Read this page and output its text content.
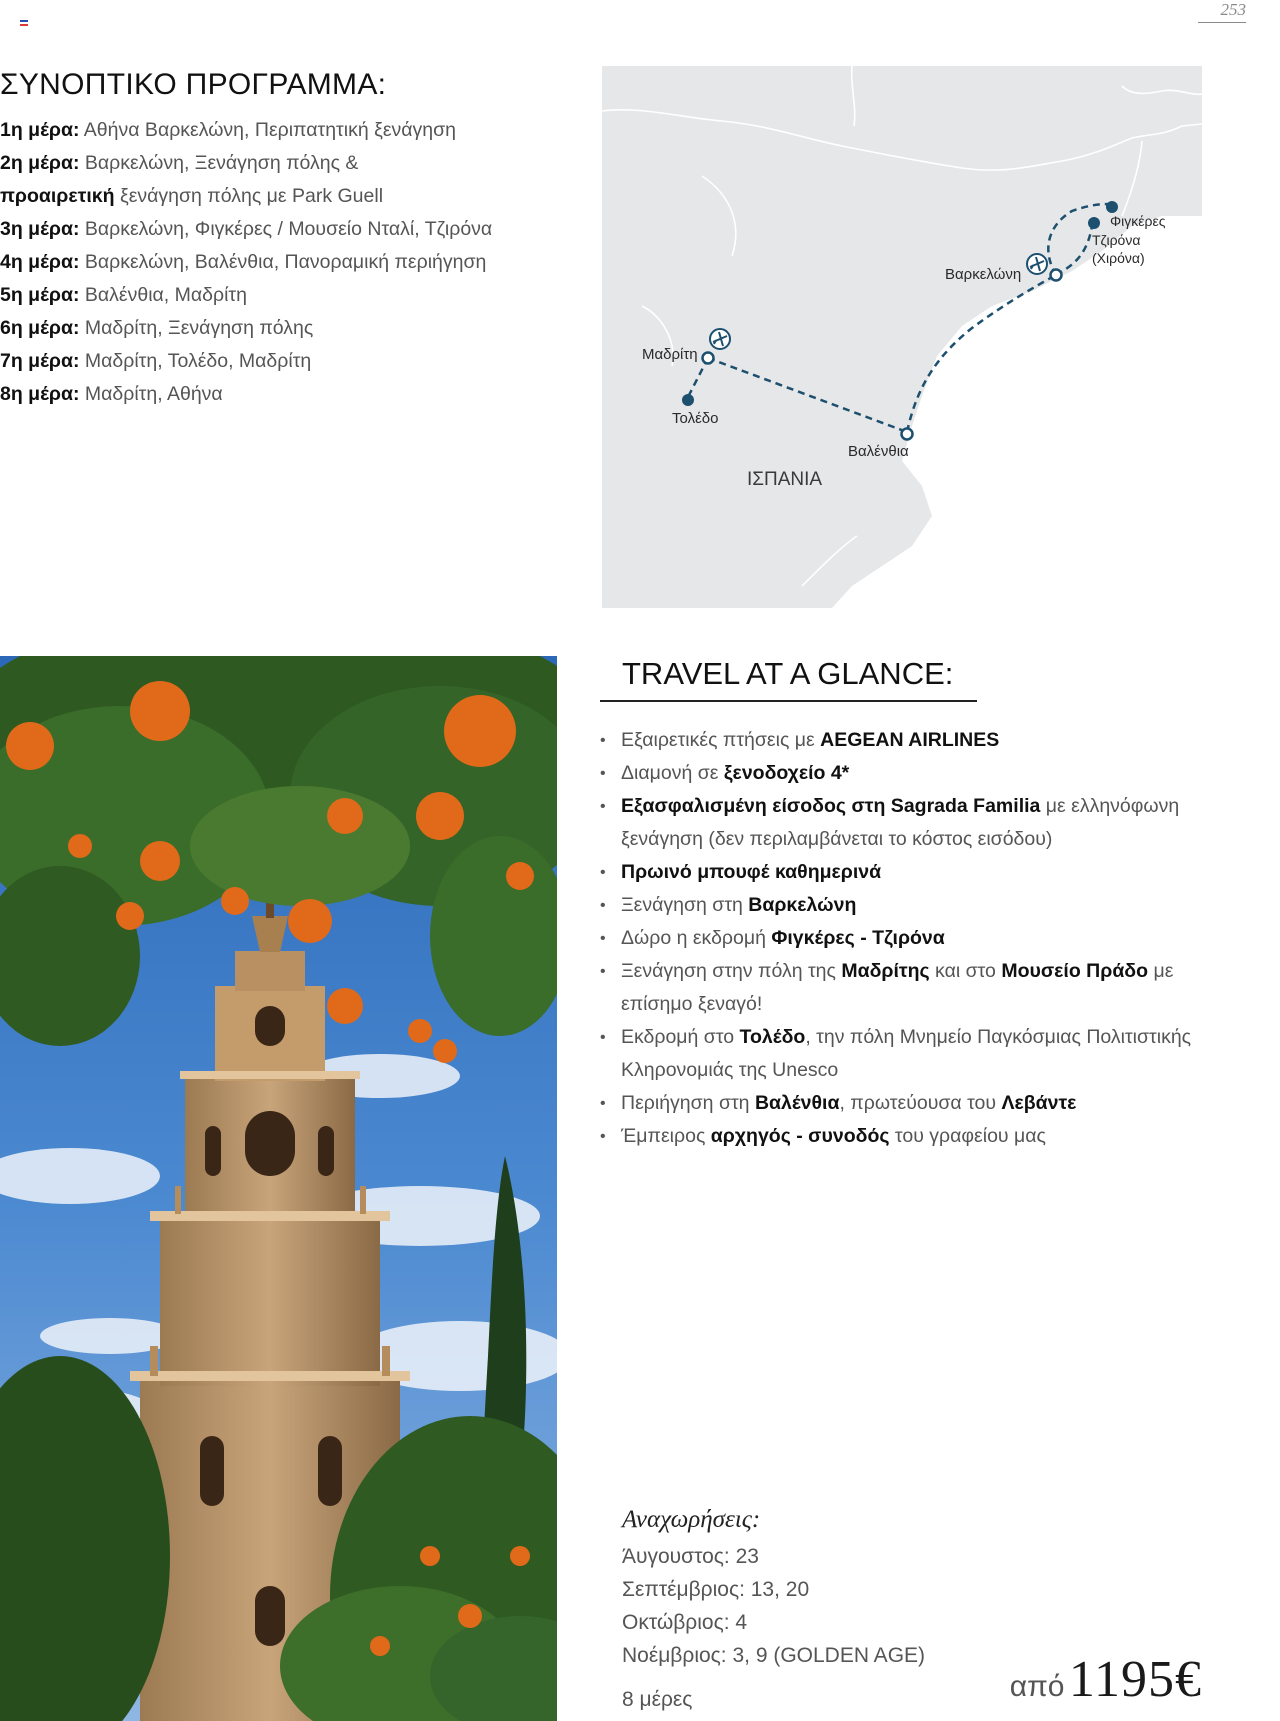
253
ΣΥΝΟΠΤΙΚΟ ΠΡΟΓΡΑΜΜΑ:
1η μέρα: Αθήνα Βαρκελώνη, Περιπατητική ξενάγηση
2η μέρα: Βαρκελώνη, Ξενάγηση πόλης &
προαιρετική ξενάγηση πόλης με Park Guell
3η μέρα: Βαρκελώνη, Φιγκέρες / Μουσείο Νταλί, Τζιρόνα
4η μέρα: Βαρκελώνη, Βαλένθια, Πανοραμική περιήγηση
5η μέρα: Βαλένθια, Μαδρίτη
6η μέρα: Μαδρίτη, Ξενάγηση πόλης
7η μέρα: Μαδρίτη, Τολέδο, Μαδρίτη
8η μέρα: Μαδρίτη, Αθήνα
Μαδρίτη
Τολέδο
Βαλένθια
Βαρκελώνη
Φιγκέρες
Τζιρόνα
(Χιρόνα)
ΙΣΠΑΝΙΑ
TRAVEL AT A GLANCE:
• Εξαιρετικές πτήσεις με AEGEAN AIRLINES
• Διαμονή σε ξενοδοχείο 4*
• Εξασφαλισμένη είσοδος στη Sagrada Familia με ελληνόφωνη ξενάγηση (δεν περιλαμβάνεται το κόστος εισόδου)
• Πρωινό μπουφέ καθημερινά
• Ξενάγηση στη Βαρκελώνη
• Δώρο η εκδρομή Φιγκέρες - Τζιρόνα
• Ξενάγηση στην πόλη της Μαδρίτης και στο Μουσείο Πράδο με επίσημο ξεναγό!
• Εκδρομή στο Τολέδο, την πόλη Μνημείο Παγκόσμιας Πολιτιστικής Κληρονομιάς της Unesco
• Περιήγηση στη Βαλένθια, πρωτεύουσα του Λεβάντε
• Έμπειρος αρχηγός - συνοδός του γραφείου μας
Αναχωρήσεις:
Άυγουστος: 23
Σεπτέμβριος: 13, 20
Οκτώβριος: 4
Νοέμβριος: 3, 9 (GOLDEN AGE)
8 μέρες	από 1195€
